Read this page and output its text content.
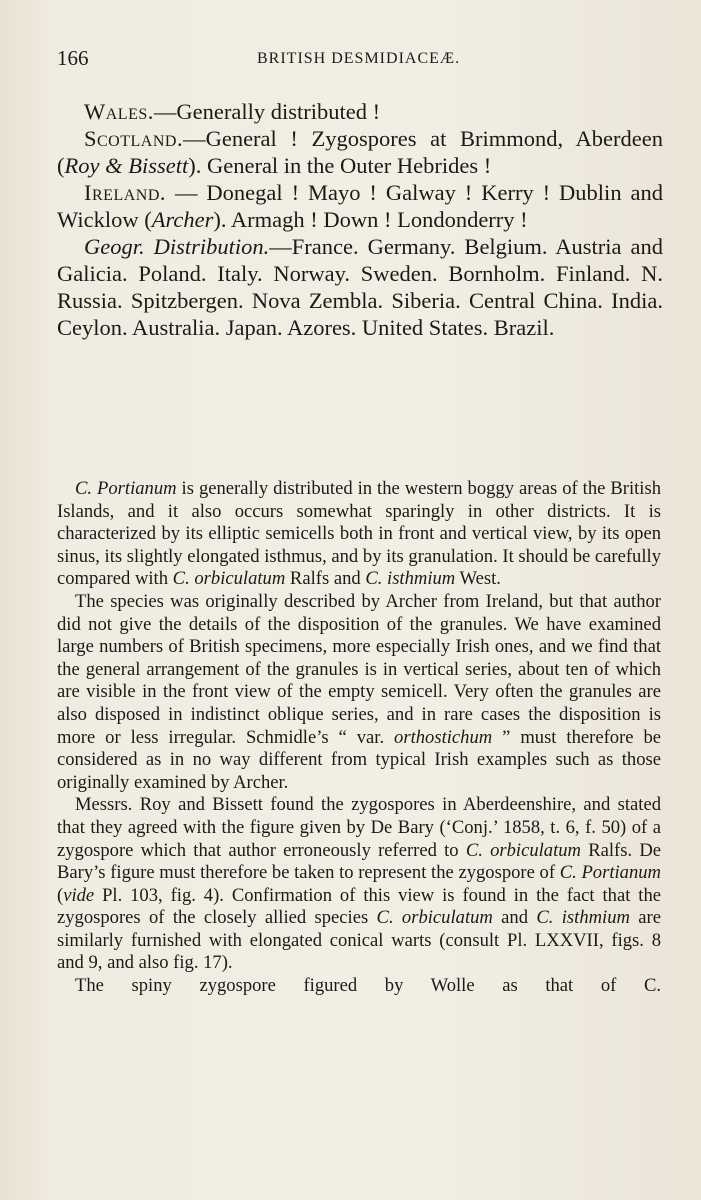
166	BRITISH DESMIDIACEÆ.

Wales.—Generally distributed !

Scotland.—General ! Zygospores at Brimmond, Aberdeen (Roy & Bissett). General in the Outer Hebrides !

Ireland. — Donegal ! Mayo ! Galway ! Kerry ! Dublin and Wicklow (Archer). Armagh ! Down ! Londonderry !

Geogr. Distribution.—France. Germany. Belgium. Austria and Galicia. Poland. Italy. Norway. Sweden. Bornholm. Finland. N. Russia. Spitzbergen. Nova Zembla. Siberia. Central China. India. Ceylon. Australia. Japan. Azores. United States. Brazil.

C. Portianum is generally distributed in the western boggy areas of the British Islands, and it also occurs somewhat sparingly in other districts. It is characterized by its elliptic semicells both in front and vertical view, by its open sinus, its slightly elongated isthmus, and by its granulation. It should be carefully compared with C. orbiculatum Ralfs and C. isthmium West.

The species was originally described by Archer from Ireland, but that author did not give the details of the disposition of the granules. We have examined large numbers of British specimens, more especially Irish ones, and we find that the general arrangement of the granules is in vertical series, about ten of which are visible in the front view of the empty semicell. Very often the granules are also disposed in indistinct oblique series, and in rare cases the disposition is more or less irregular. Schmidle’s “ var. orthostichum ” must therefore be considered as in no way different from typical Irish examples such as those originally examined by Archer.

Messrs. Roy and Bissett found the zygospores in Aberdeenshire, and stated that they agreed with the figure given by De Bary (‘Conj.’ 1858, t. 6, f. 50) of a zygospore which that author erroneously referred to C. orbiculatum Ralfs. De Bary’s figure must therefore be taken to represent the zygospore of C. Portianum (vide Pl. 103, fig. 4). Confirmation of this view is found in the fact that the zygospores of the closely allied species C. orbiculatum and C. isthmium are similarly furnished with elongated conical warts (consult Pl. LXXVII, figs. 8 and 9, and also fig. 17).

The spiny zygospore figured by Wolle as that of C.
